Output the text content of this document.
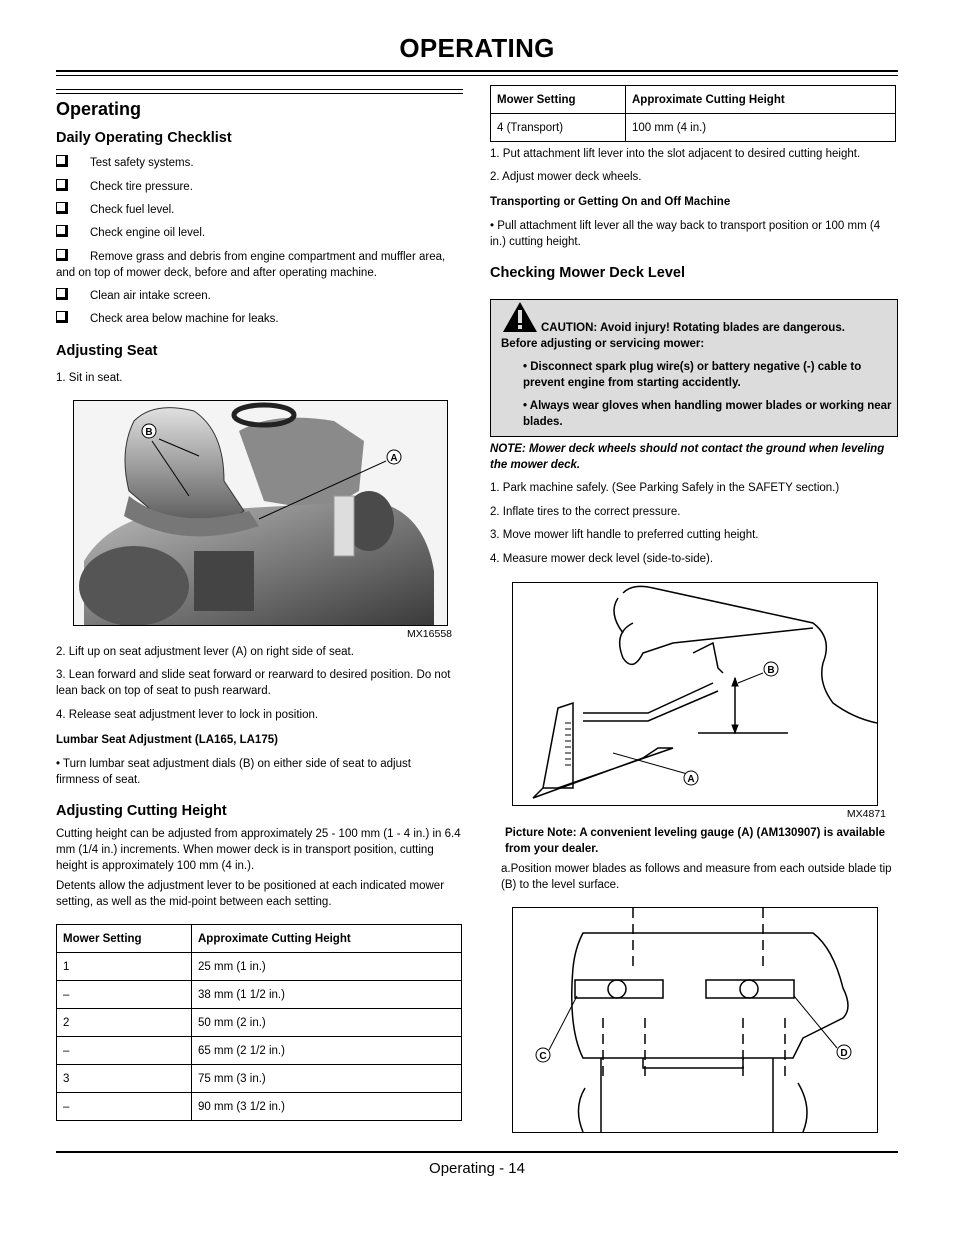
OPERATING
Operating
Daily Operating Checklist
Test safety systems.
Check tire pressure.
Check fuel level.
Check engine oil level.
Remove grass and debris from engine compartment and muffler area, and on top of mower deck, before and after operating machine.
Clean air intake screen.
Check area below machine for leaks.
Adjusting Seat
1. Sit in seat.
B
A
MX16558
2. Lift up on seat adjustment lever (A) on right side of seat.
3. Lean forward and slide seat forward or rearward to desired position. Do not lean back on top of seat to push rearward.
4. Release seat adjustment lever to lock in position.
Lumbar Seat Adjustment (LA165, LA175)
• Turn lumbar seat adjustment dials (B) on either side of seat to adjust firmness of seat.
Adjusting Cutting Height
Cutting height can be adjusted from approximately 25 - 100 mm (1 - 4 in.) in 6.4 mm (1/4 in.) increments. When mower deck is in transport position, cutting height is approximately 100 mm (4 in.).
Detents allow the adjustment lever to be positioned at each indicated mower setting, as well as the mid-point between each setting.
Mower Setting	Approximate Cutting Height
1	25 mm (1 in.)
–	38 mm (1 1/2 in.)
2	50 mm (2 in.)
–	65 mm (2 1/2 in.)
3	75 mm (3 in.)
–	90 mm (3 1/2 in.)
Mower Setting	Approximate Cutting Height
4 (Transport)	100 mm (4 in.)
1. Put attachment lift lever into the slot adjacent to desired cutting height.
2. Adjust mower deck wheels.
Transporting or Getting On and Off Machine
• Pull attachment lift lever all the way back to transport position or 100 mm (4 in.) cutting height.
Checking Mower Deck Level
CAUTION: Avoid injury! Rotating blades are dangerous.
Before adjusting or servicing mower:
• Disconnect spark plug wire(s) or battery negative (-) cable to prevent engine from starting accidently.
• Always wear gloves when handling mower blades or working near blades.
NOTE: Mower deck wheels should not contact the ground when leveling the mower deck.
1. Park machine safely. (See Parking Safely in the SAFETY section.)
2. Inflate tires to the correct pressure.
3. Move mower lift handle to preferred cutting height.
4. Measure mower deck level (side-to-side).
B
A
MX4871
Picture Note: A convenient leveling gauge (A) (AM130907) is available from your dealer.
a.Position mower blades as follows and measure from each outside blade tip (B) to the level surface.
C	D
Operating - 14
